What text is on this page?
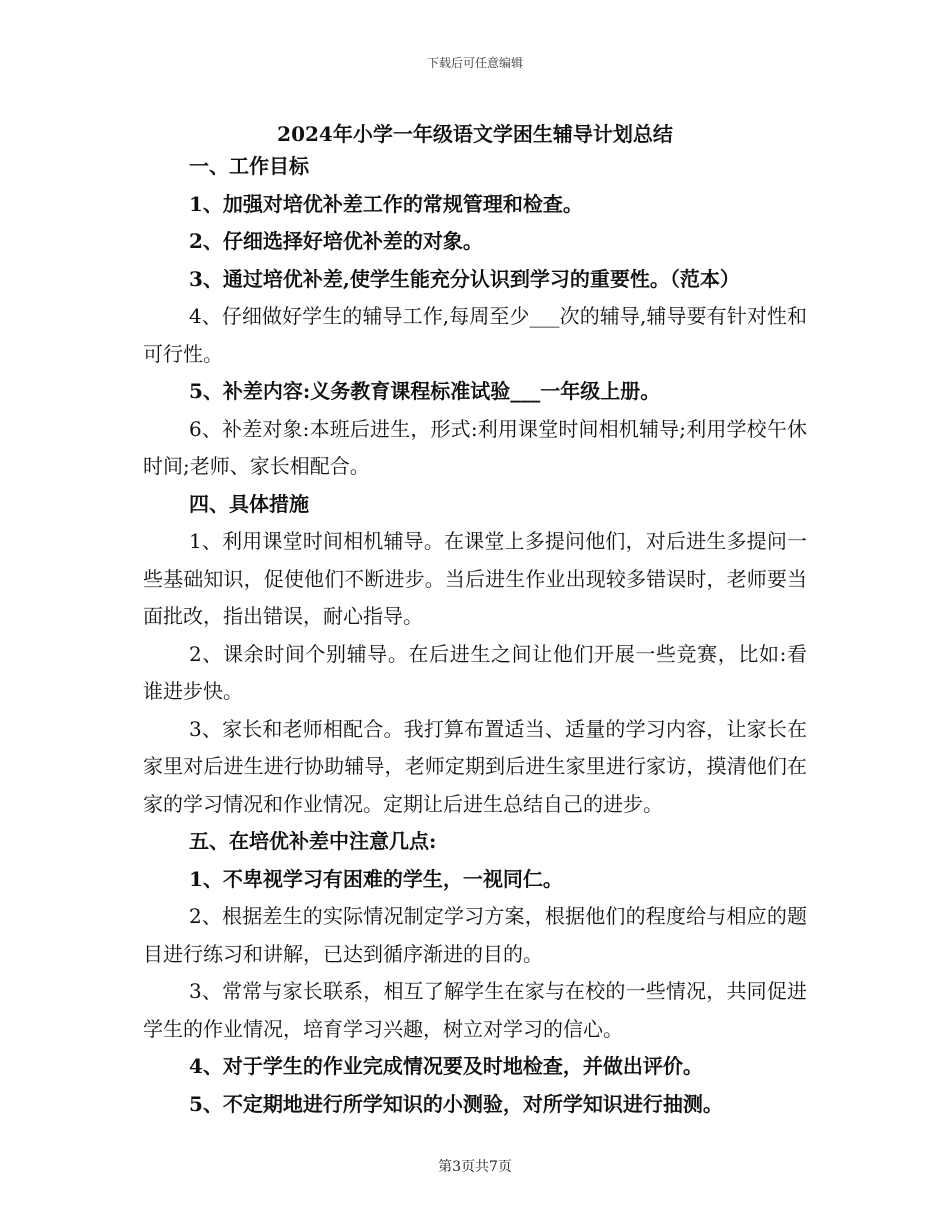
下载后可任意编辑
2024年小学一年级语文学困生辅导计划总结

一、工作目标

1、加强对培优补差工作的常规管理和检查。

2、仔细选择好培优补差的对象。

3、通过培优补差,使学生能充分认识到学习的重要性。（范本）

4、仔细做好学生的辅导工作,每周至少___次的辅导,辅导要有针对性和可行性。

5、补差内容:义务教育课程标准试验___一年级上册。

6、补差对象:本班后进生，形式:利用课堂时间相机辅导;利用学校午休时间;老师、家长相配合。

四、具体措施

1、利用课堂时间相机辅导。在课堂上多提问他们，对后进生多提问一些基础知识，促使他们不断进步。当后进生作业出现较多错误时，老师要当面批改，指出错误，耐心指导。

2、课余时间个别辅导。在后进生之间让他们开展一些竞赛，比如:看谁进步快。

3、家长和老师相配合。我打算布置适当、适量的学习内容，让家长在家里对后进生进行协助辅导，老师定期到后进生家里进行家访，摸清他们在家的学习情况和作业情况。定期让后进生总结自己的进步。

五、在培优补差中注意几点:

1、不卑视学习有困难的学生，一视同仁。

2、根据差生的实际情况制定学习方案，根据他们的程度给与相应的题目进行练习和讲解，已达到循序渐进的目的。

3、常常与家长联系，相互了解学生在家与在校的一些情况，共同促进学生的作业情况，培育学习兴趣，树立对学习的信心。

4、对于学生的作业完成情况要及时地检查，并做出评价。

5、不定期地进行所学知识的小测验，对所学知识进行抽测。

第3页共7页
